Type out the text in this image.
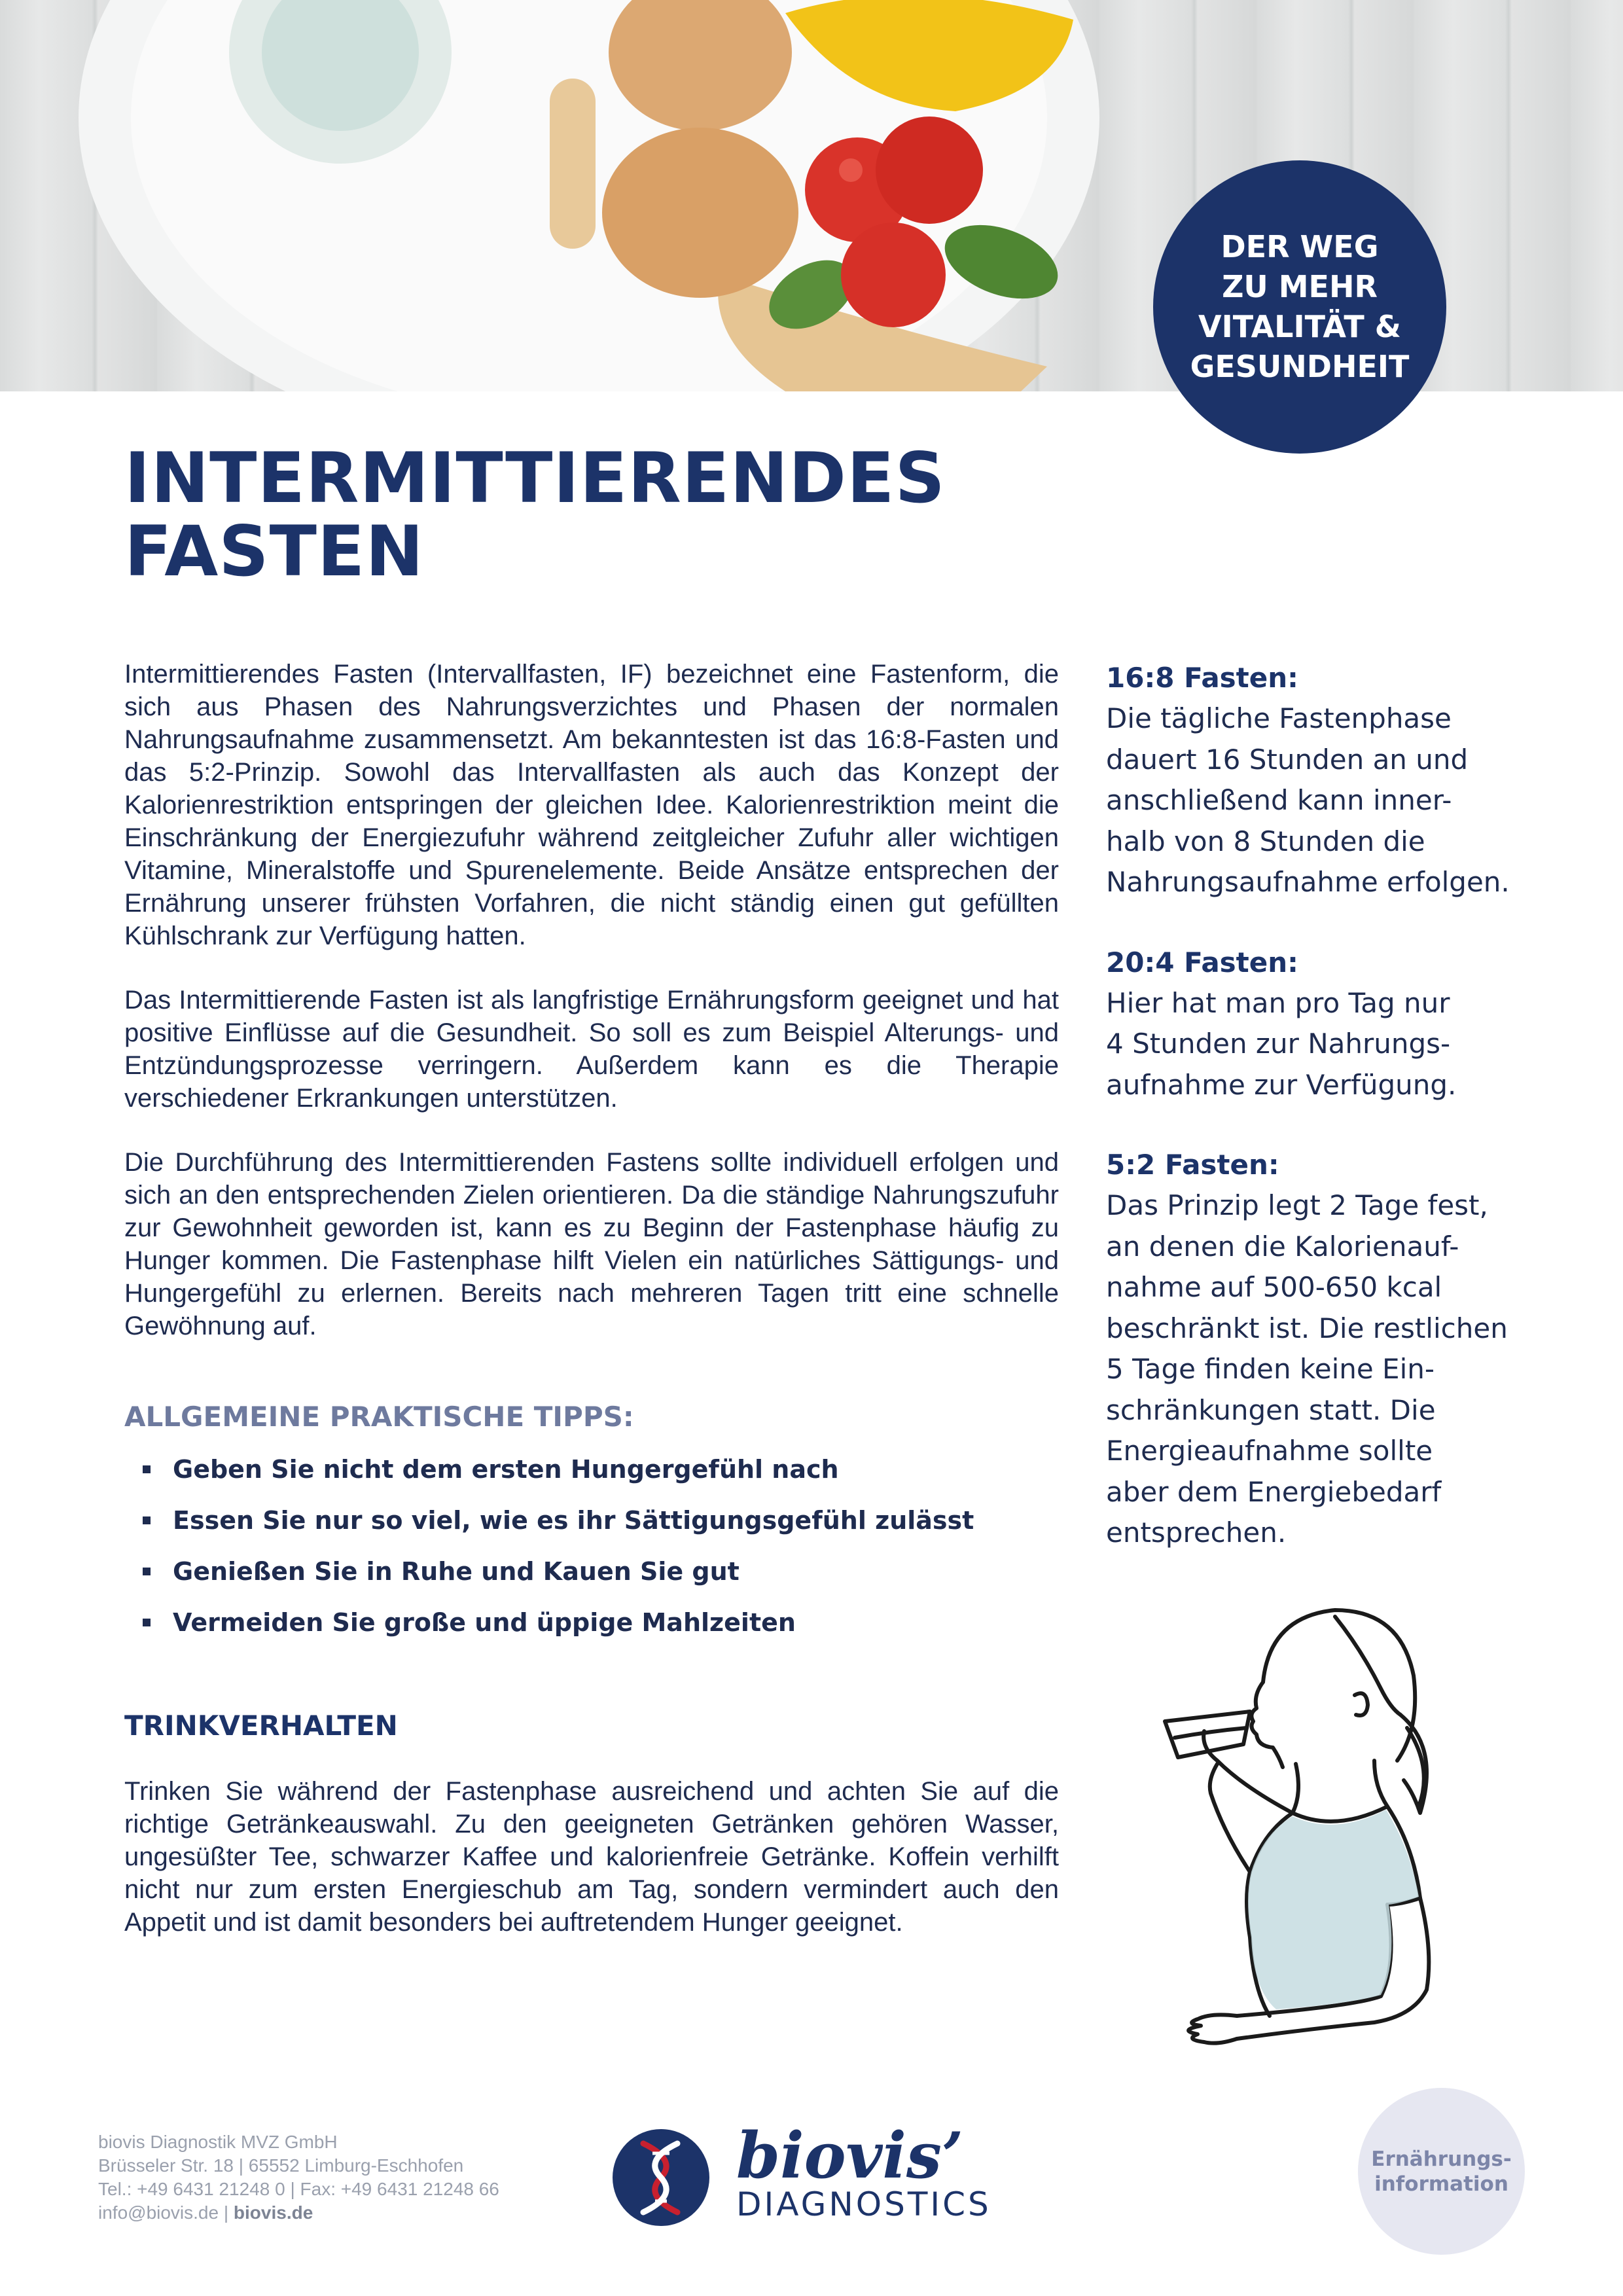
DER WEG
ZU MEHR
VITALITÄT &
GESUNDHEIT
INTERMITTIERENDES
FASTEN

Intermittierendes Fasten (Intervallfasten, IF) bezeichnet eine Fastenform, die sich aus Phasen des Nahrungsverzichtes und Phasen der normalen Nahrungsaufnahme zusammensetzt. Am bekanntesten ist das 16:8-Fasten und das 5:2-Prinzip. Sowohl das Intervallfasten als auch das Konzept der Kalorienrestriktion entspringen der gleichen Idee. Kalorienrestriktion meint die Einschränkung der Energiezufuhr während zeitgleicher Zufuhr aller wichtigen Vitamine, Mineralstoffe und Spurenelemente. Beide Ansätze entsprechen der Ernährung unserer frühsten Vorfahren, die nicht ständig einen gut gefüllten Kühlschrank zur Verfügung hatten.

Das Intermittierende Fasten ist als langfristige Ernährungsform geeignet und hat positive Einflüsse auf die Gesundheit. So soll es zum Beispiel Alterungs- und Entzündungsprozesse verringern. Außerdem kann es die Therapie verschiedener Erkrankungen unterstützen.

Die Durchführung des Intermittierenden Fastens sollte individuell erfolgen und sich an den entsprechenden Zielen orientieren. Da die ständige Nahrungszufuhr zur Gewohnheit geworden ist, kann es zu Beginn der Fastenphase häufig zu Hunger kommen. Die Fastenphase hilft Vielen ein natürliches Sättigungs- und Hungergefühl zu erlernen. Bereits nach mehreren Tagen tritt eine schnelle Gewöhnung auf.

ALLGEMEINE PRAKTISCHE TIPPS:
Geben Sie nicht dem ersten Hungergefühl nach
Essen Sie nur so viel, wie es ihr Sättigungsgefühl zulässt
Genießen Sie in Ruhe und Kauen Sie gut
Vermeiden Sie große und üppige Mahlzeiten
TRINKVERHALTEN

Trinken Sie während der Fastenphase ausreichend und achten Sie auf die richtige Getränkeauswahl. Zu den geeigneten Getränken gehören Wasser, ungesüßter Tee, schwarzer Kaffee und kalorienfreie Getränke. Koffein verhilft nicht nur zum ersten Energieschub am Tag, sondern vermindert auch den Appetit und ist damit besonders bei auftretendem Hunger geeignet.

16:8 Fasten:

Die tägliche Fastenphase
dauert 16 Stunden an und
anschließend kann inner-
halb von 8 Stunden die
Nahrungsaufnahme erfolgen.

20:4 Fasten:

Hier hat man pro Tag nur
4 Stunden zur Nahrungs-
aufnahme zur Verfügung.

5:2 Fasten:

Das Prinzip legt 2 Tage fest,
an denen die Kalorienauf-
nahme auf 500-650 kcal
beschränkt ist. Die restlichen
5 Tage finden keine Ein-
schränkungen statt. Die
Energieaufnahme sollte
aber dem Energiebedarf
entsprechen.

biovis Diagnostik MVZ GmbH
Brüsseler Str. 18 | 65552 Limburg-Eschhofen
Tel.: +49 6431 21248 0 | Fax: +49 6431 21248 66
info@biovis.de | biovis.de
biovis’
DIAGNOSTICS
Ernährungs-
information
